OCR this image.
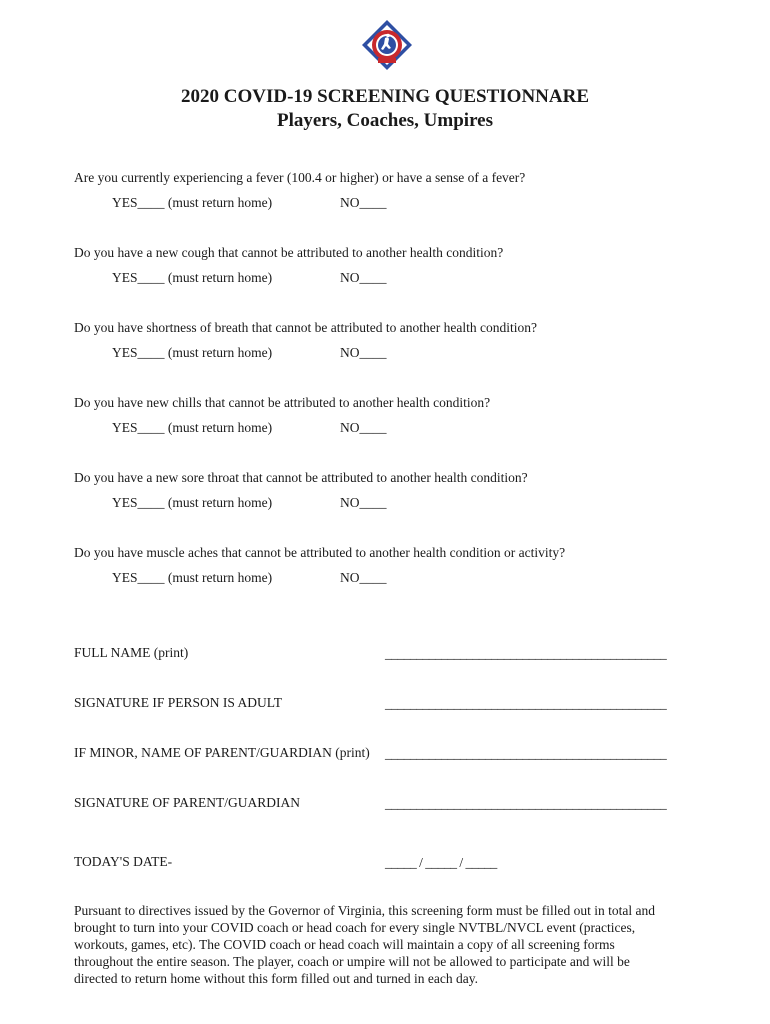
2020 COVID-19 SCREENING QUESTIONNARE
Players, Coaches, Umpires
Are you currently experiencing a fever (100.4 or higher) or have a sense of a fever?
YES____ (must return home)	NO____
Do you have a new cough that cannot be attributed to another health condition?
YES____ (must return home)	NO____
Do you have shortness of breath that cannot be attributed to another health condition?
YES____ (must return home)	NO____
Do you have new chills that cannot be attributed to another health condition?
YES____ (must return home)	NO____
Do you have a new sore throat that cannot be attributed to another health condition?
YES____ (must return home)	NO____
Do you have muscle aches that cannot be attributed to another health condition or activity?
YES____ (must return home)	NO____
FULL NAME (print)	_____________________________________________
SIGNATURE IF PERSON IS ADULT	_____________________________________________
IF MINOR, NAME OF PARENT/GUARDIAN (print) _____________________________________________
SIGNATURE OF PARENT/GUARDIAN	_____________________________________________
TODAY'S DATE-	_____ / _____ / _____
Pursuant to directives issued by the Governor of Virginia, this screening form must be filled out in total and
brought to turn into your COVID coach or head coach for every single NVTBL/NVCL event (practices,
workouts, games, etc). The COVID coach or head coach will maintain a copy of all screening forms
throughout the entire season. The player, coach or umpire will not be allowed to participate and will be
directed to return home without this form filled out and turned in each day.
